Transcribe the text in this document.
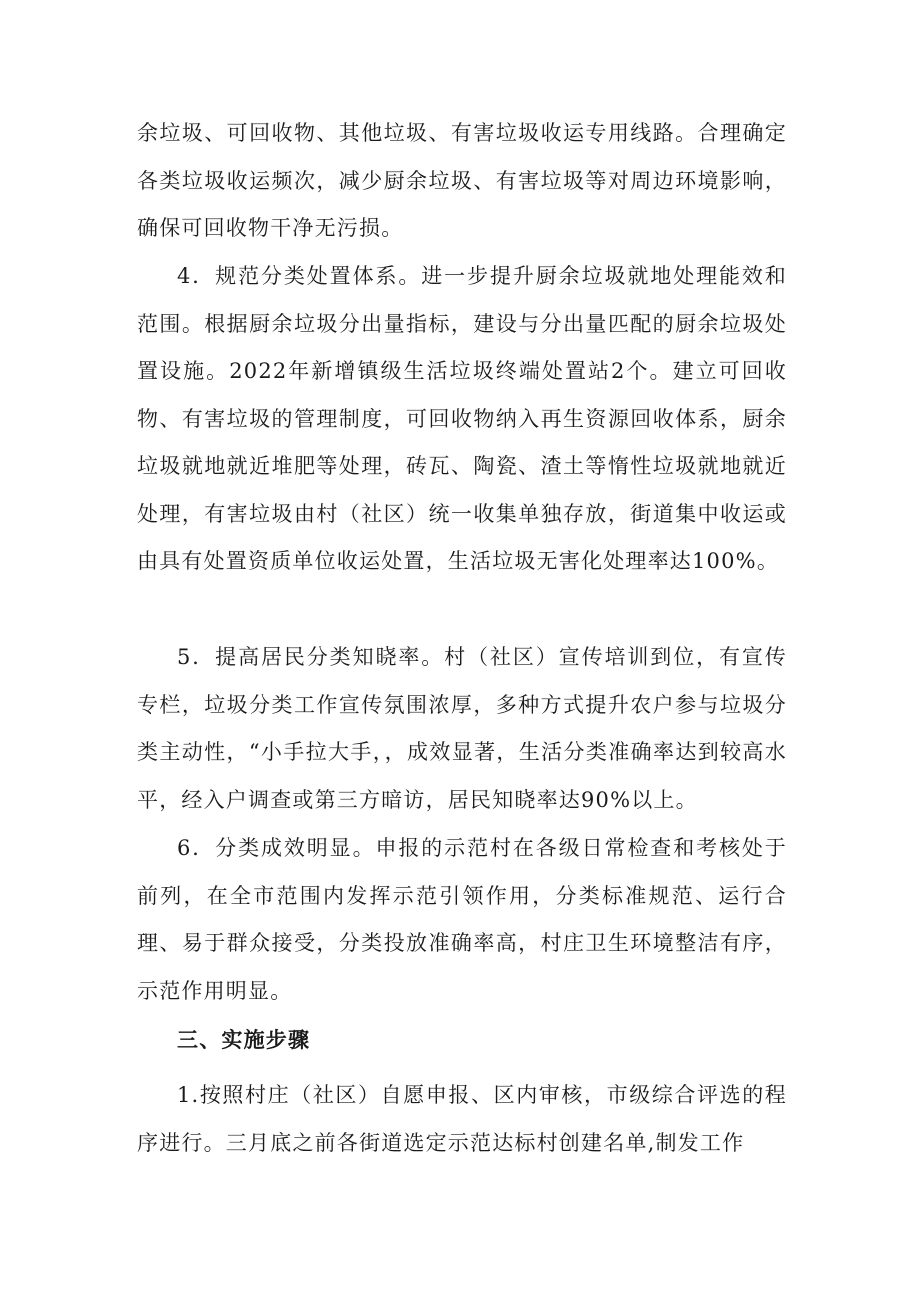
余垃圾、可回收物、其他垃圾、有害垃圾收运专用线路。合理确定各类垃圾收运频次，减少厨余垃圾、有害垃圾等对周边环境影响，确保可回收物干净无污损。

4．规范分类处置体系。进一步提升厨余垃圾就地处理能效和范围。根据厨余垃圾分出量指标，建设与分出量匹配的厨余垃圾处置设施。2022年新增镇级生活垃圾终端处置站2个。建立可回收物、有害垃圾的管理制度，可回收物纳入再生资源回收体系，厨余垃圾就地就近堆肥等处理，砖瓦、陶瓷、渣土等惰性垃圾就地就近处理，有害垃圾由村（社区）统一收集单独存放，街道集中收运或由具有处置资质单位收运处置，生活垃圾无害化处理率达100%。

5．提高居民分类知晓率。村（社区）宣传培训到位，有宣传专栏，垃圾分类工作宣传氛围浓厚，多种方式提升农户参与垃圾分类主动性，“小手拉大手，，成效显著，生活分类准确率达到较高水平，经入户调查或第三方暗访，居民知晓率达90%以上。

6．分类成效明显。申报的示范村在各级日常检查和考核处于前列，在全市范围内发挥示范引领作用，分类标准规范、运行合理、易于群众接受，分类投放准确率高，村庄卫生环境整洁有序，示范作用明显。

三、实施步骤

1.按照村庄（社区）自愿申报、区内审核，市级综合评选的程序进行。三月底之前各街道选定示范达标村创建名单,制发工作
